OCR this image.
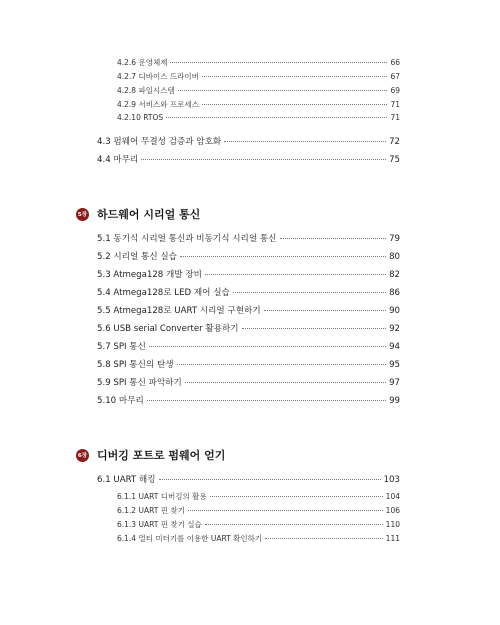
4.2.6 운영체제	66
4.2.7 디바이스 드라이버	67
4.2.8 파일시스템	69
4.2.9 서비스와 프로세스	71
4.2.10 RTOS	71
4.3 펌웨어 무결성 검증과 암호화	72
4.4 마무리	75
5장 하드웨어 시리얼 통신
5.1 동기식 시리얼 통신과 비동기식 시리얼 통신	79
5.2 시리얼 통신 실습	80
5.3 Atmega128 개발 장비	82
5.4 Atmega128로 LED 제어 실습	86
5.5 Atmega128로 UART 시리얼 구현하기	90
5.6 USB serial Converter 활용하기	92
5.7 SPI 통신	94
5.8 SPI 통신의 탄생	95
5.9 SPI 통신 파악하기	97
5.10 마무리	99
6장 디버깅 포트로 펌웨어 얻기
6.1 UART 해킹	103
6.1.1 UART 디버깅의 활용	104
6.1.2 UART 핀 찾기	106
6.1.3 UART 핀 찾기 실습	110
6.1.4 멀티 미터기를 이용한 UART 확인하기	111
